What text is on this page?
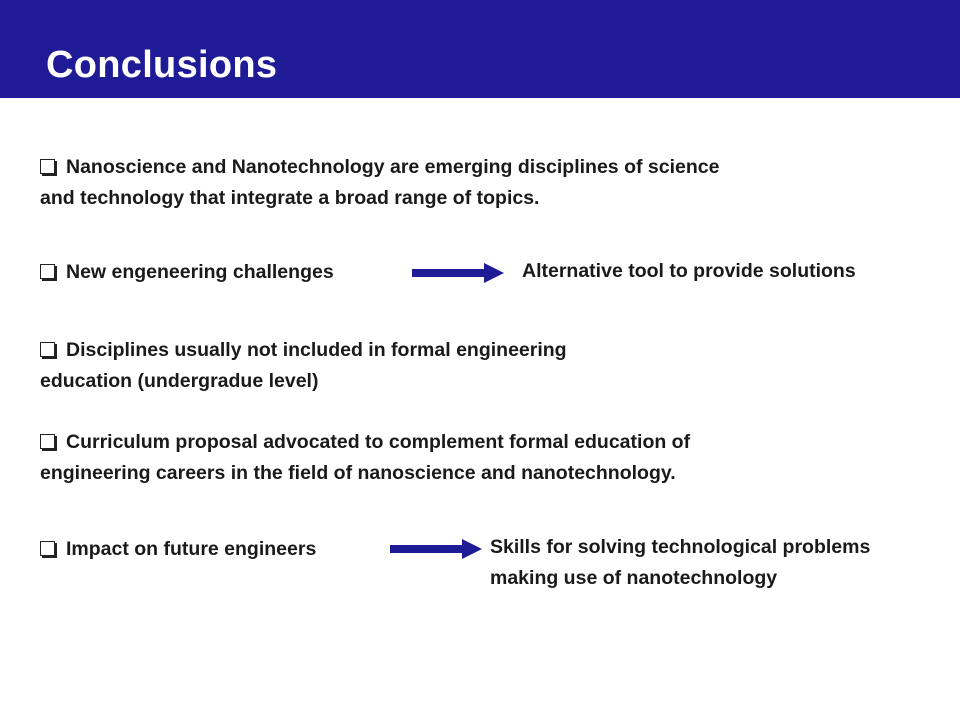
Conclusions
Nanoscience and Nanotechnology are emerging disciplines of science
and technology that integrate a broad range of topics.
New engeneering challenges	Alternative tool to provide solutions
Disciplines usually not included in formal engineering
education (undergradue level)
Curriculum proposal advocated to complement formal education of
engineering careers in the field of nanoscience and nanotechnology.
Impact on future engineers	Skills for solving technological problems
making use of nanotechnology
